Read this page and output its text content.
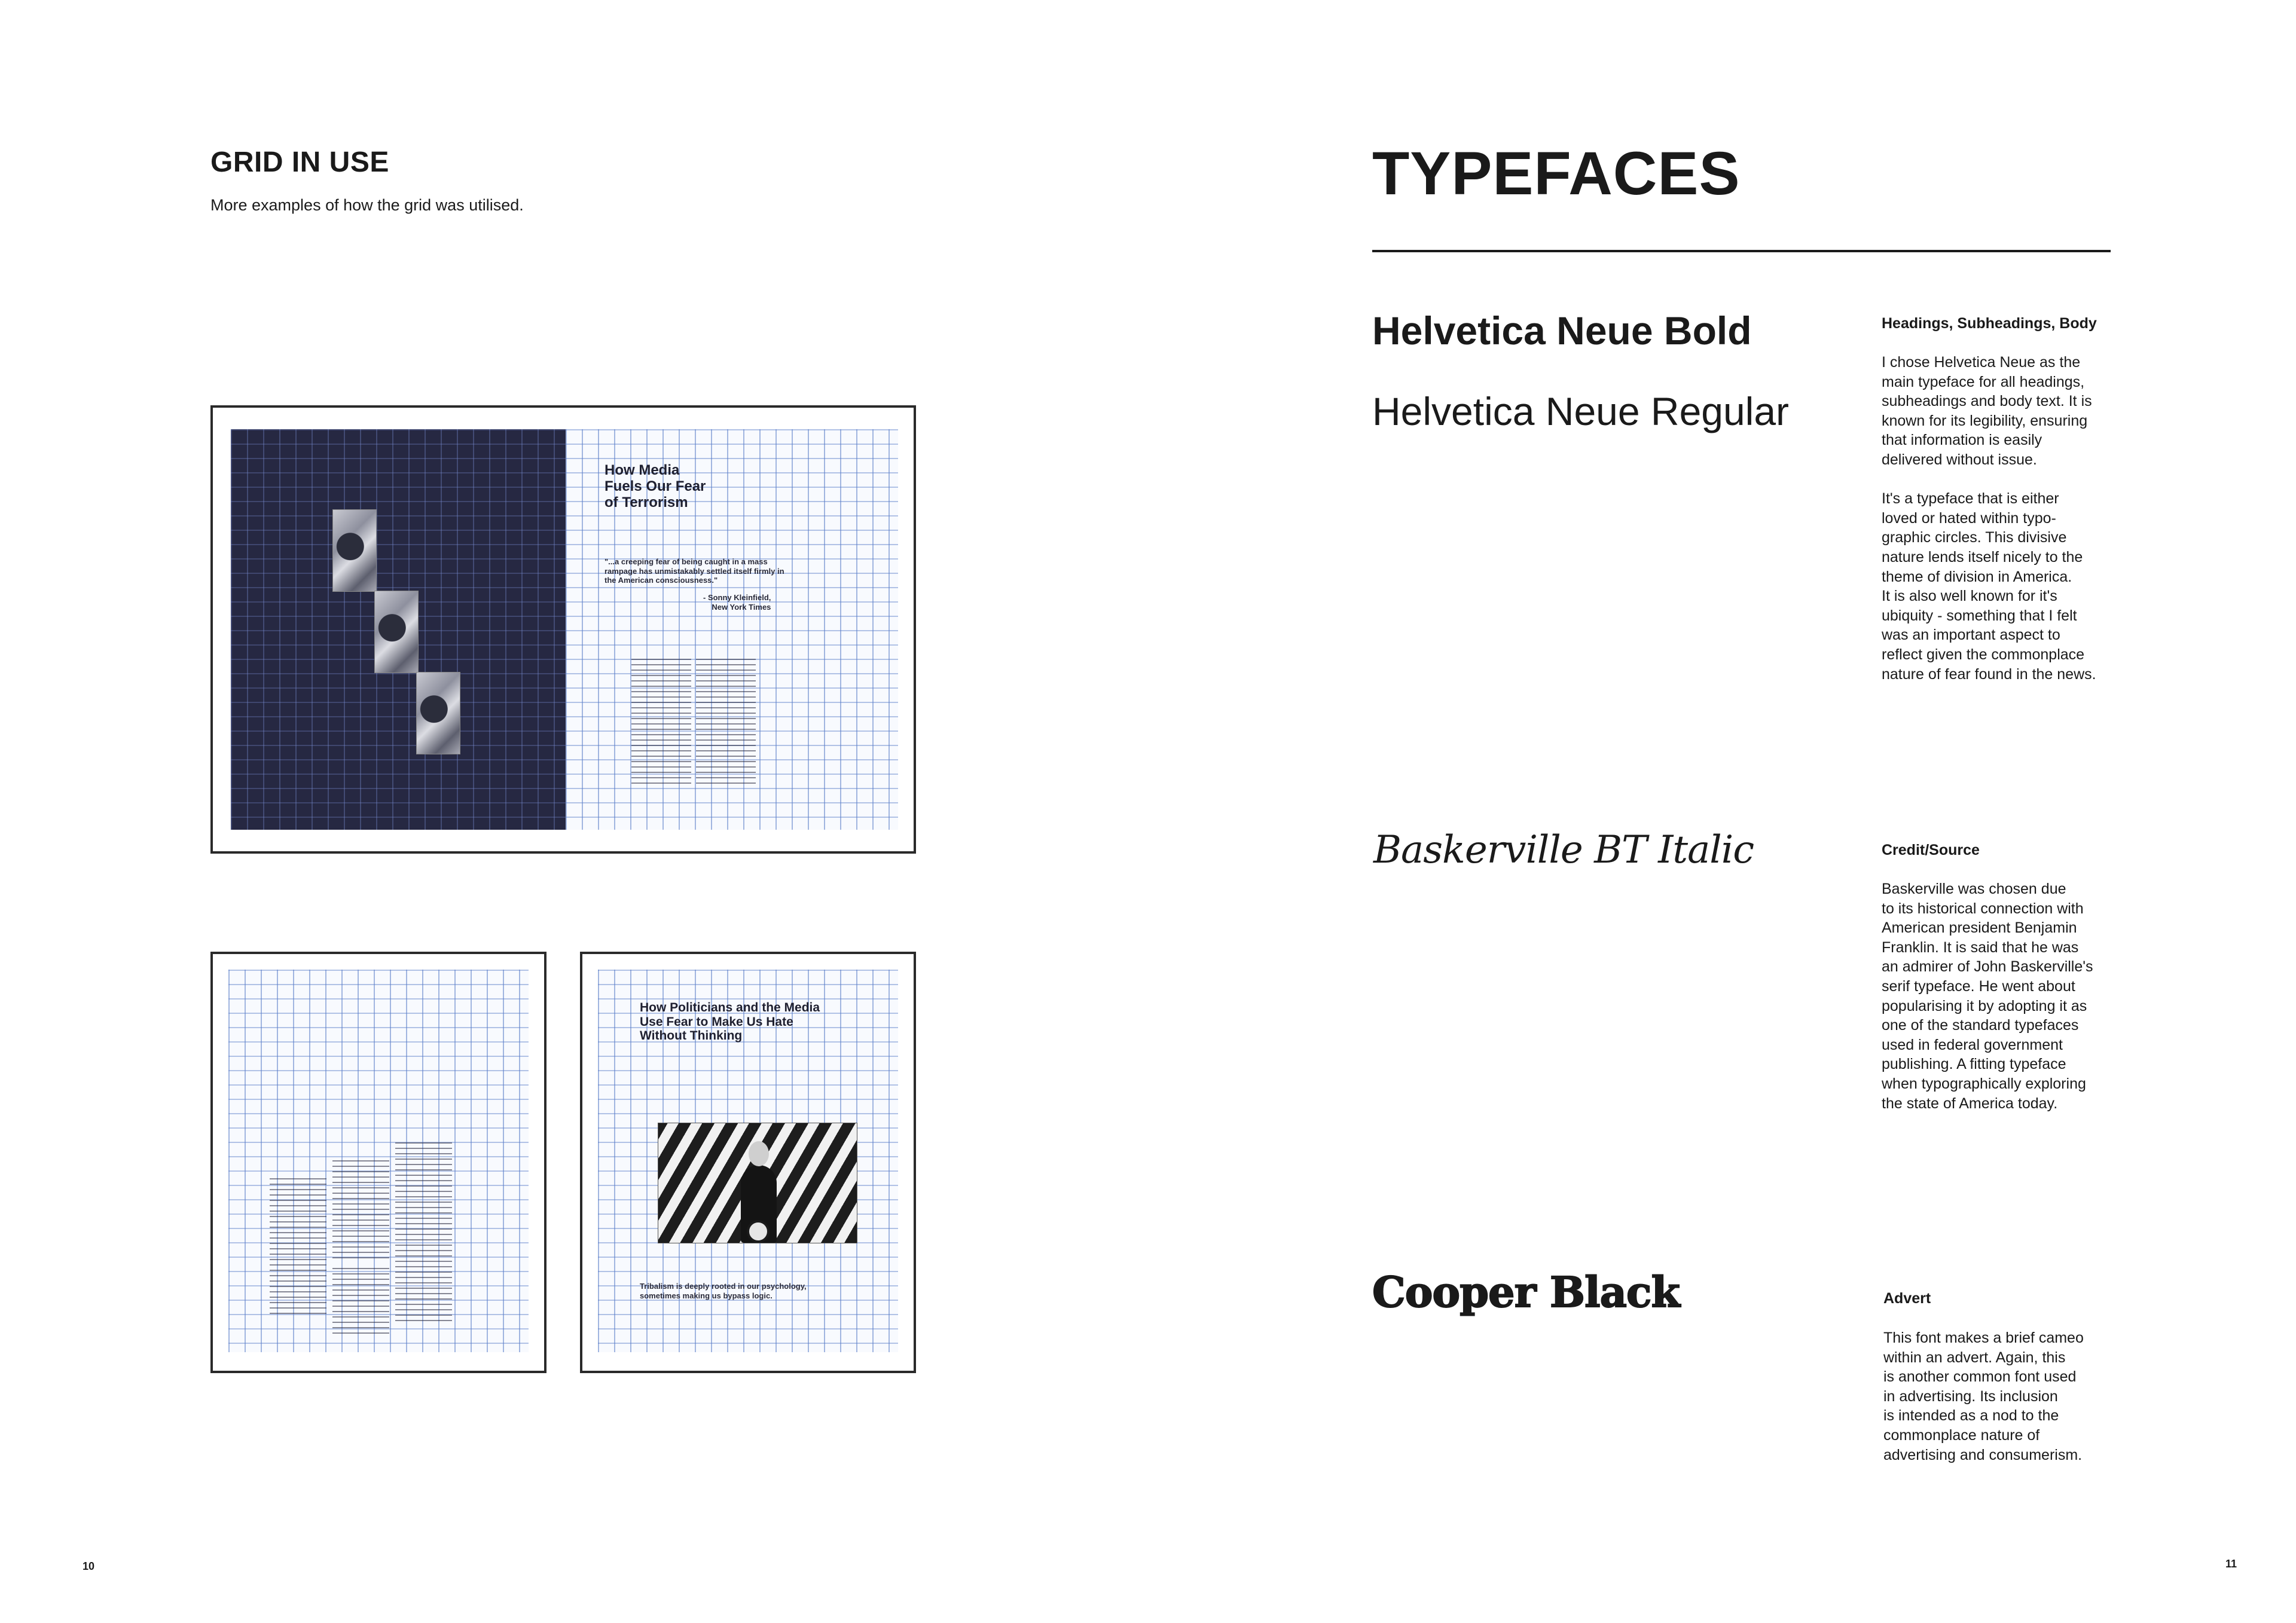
GRID IN USE
More examples of how the grid was utilised.
How Media
Fuels Our Fear
of Terrorism
"...a creeping fear of being caught in a mass
rampage has unmistakably settled itself firmly in
the American consciousness."
- Sonny Kleinfield,
New York Times
How Politicians and the Media
Use Fear to Make Us Hate
Without Thinking
Tribalism is deeply rooted in our psychology,
sometimes making us bypass logic.
10
TYPEFACES
Helvetica Neue Bold
Helvetica Neue Regular
Headings, Subheadings, Body
I chose Helvetica Neue as the
main typeface for all headings,
subheadings and body text. It is
known for its legibility, ensuring
that information is easily
delivered without issue.

It's a typeface that is either
loved or hated within typo-
graphic circles. This divisive
nature lends itself nicely to the
theme of division in America.
It is also well known for it's
ubiquity - something that I felt
was an important aspect to
reflect given the commonplace
nature of fear found in the news.
Baskerville BT Italic	Credit/Source
Baskerville was chosen due
to its historical connection with
American president Benjamin
Franklin. It is said that he was
an admirer of John Baskerville's
serif typeface. He went about
popularising it by adopting it as
one of the standard typefaces
used in federal government
publishing. A fitting typeface
when typographically exploring
the state of America today.
Cooper Black	Advert
This font makes a brief cameo
within an advert. Again, this
is another common font used
in advertising. Its inclusion
is intended as a nod to the
commonplace nature of
advertising and consumerism.
11
